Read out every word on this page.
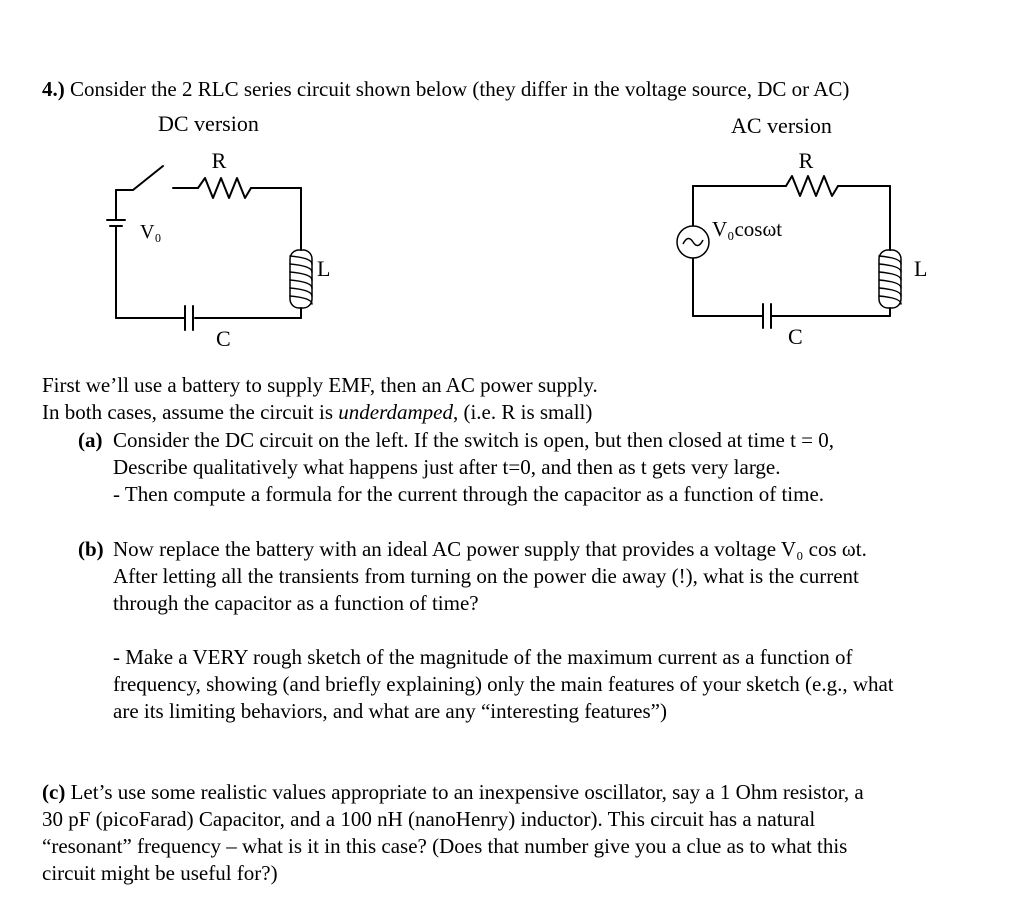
4.) Consider the 2 RLC series circuit shown below (they differ in the voltage source, DC or AC)
DC version	AC version
R
V₀
L
C
R
V₀cosωt
L
C
First we’ll use a battery to supply EMF, then an AC power supply.
In both cases, assume the circuit is underdamped, (i.e. R is small)
(a) Consider the DC circuit on the left. If the switch is open, but then closed at time t = 0,
Describe qualitatively what happens just after t=0, and then as t gets very large.
- Then compute a formula for the current through the capacitor as a function of time.
(b) Now replace the battery with an ideal AC power supply that provides a voltage V₀ cos ωt.
After letting all the transients from turning on the power die away (!), what is the current
through the capacitor as a function of time?
- Make a VERY rough sketch of the magnitude of the maximum current as a function of
frequency, showing (and briefly explaining) only the main features of your sketch (e.g., what
are its limiting behaviors, and what are any “interesting features”)
(c) Let’s use some realistic values appropriate to an inexpensive oscillator, say a 1 Ohm resistor, a
30 pF (picoFarad) Capacitor, and a 100 nH (nanoHenry) inductor). This circuit has a natural
“resonant” frequency – what is it in this case? (Does that number give you a clue as to what this
circuit might be useful for?)
